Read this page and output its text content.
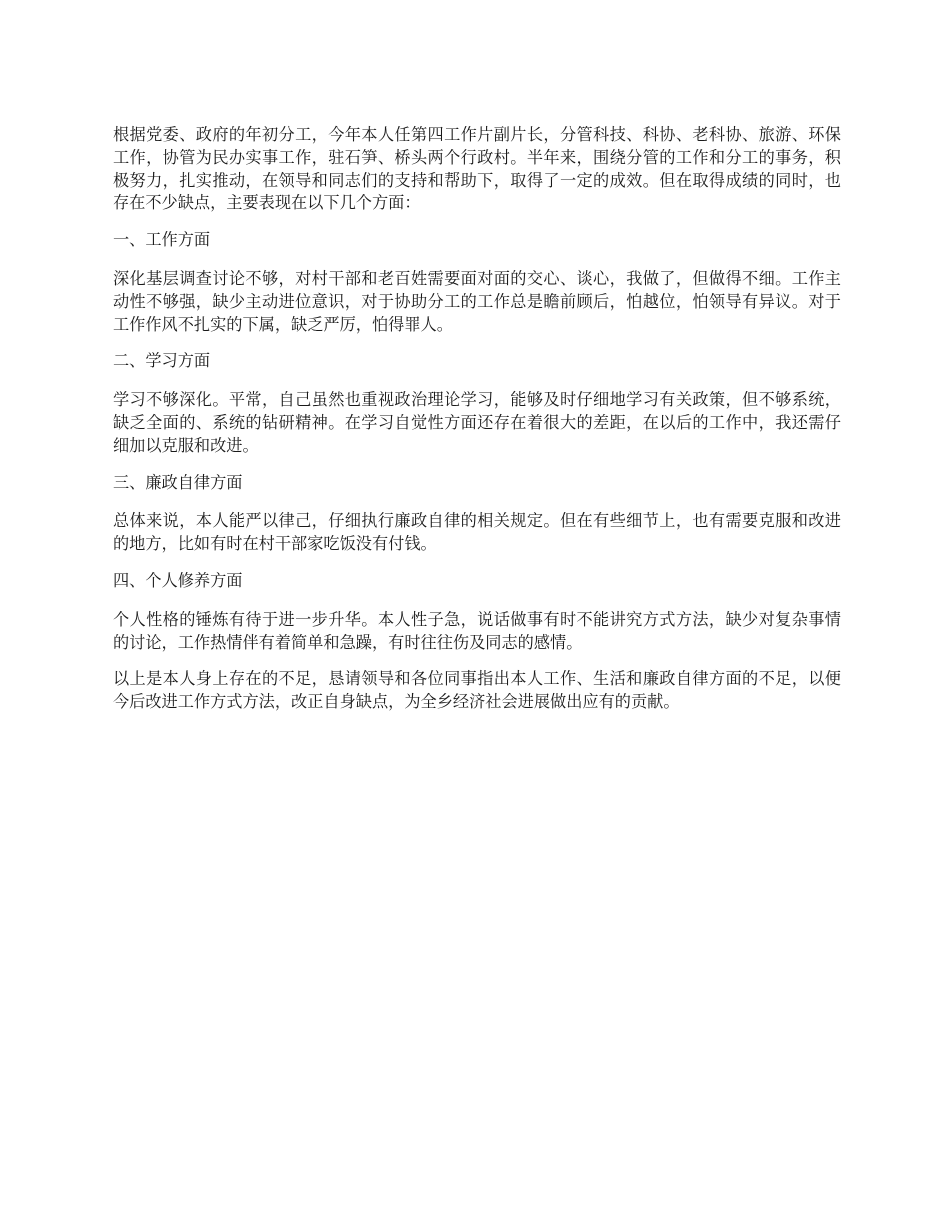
根据党委、政府的年初分工，今年本人任第四工作片副片长，分管科技、科协、老科协、旅游、环保工作，协管为民办实事工作，驻石笋、桥头两个行政村。半年来，围绕分管的工作和分工的事务，积极努力，扎实推动，在领导和同志们的支持和帮助下，取得了一定的成效。但在取得成绩的同时，也存在不少缺点，主要表现在以下几个方面：

一、工作方面

深化基层调查讨论不够，对村干部和老百姓需要面对面的交心、谈心，我做了，但做得不细。工作主动性不够强，缺少主动进位意识，对于协助分工的工作总是瞻前顾后，怕越位，怕领导有异议。对于工作作风不扎实的下属，缺乏严厉，怕得罪人。

二、学习方面

学习不够深化。平常，自己虽然也重视政治理论学习，能够及时仔细地学习有关政策，但不够系统，缺乏全面的、系统的钻研精神。在学习自觉性方面还存在着很大的差距，在以后的工作中，我还需仔细加以克服和改进。

三、廉政自律方面

总体来说，本人能严以律己，仔细执行廉政自律的相关规定。但在有些细节上，也有需要克服和改进的地方，比如有时在村干部家吃饭没有付钱。

四、个人修养方面

个人性格的锤炼有待于进一步升华。本人性子急，说话做事有时不能讲究方式方法，缺少对复杂事情的讨论，工作热情伴有着简单和急躁，有时往往伤及同志的感情。

以上是本人身上存在的不足，恳请领导和各位同事指出本人工作、生活和廉政自律方面的不足，以便今后改进工作方式方法，改正自身缺点，为全乡经济社会进展做出应有的贡献。
